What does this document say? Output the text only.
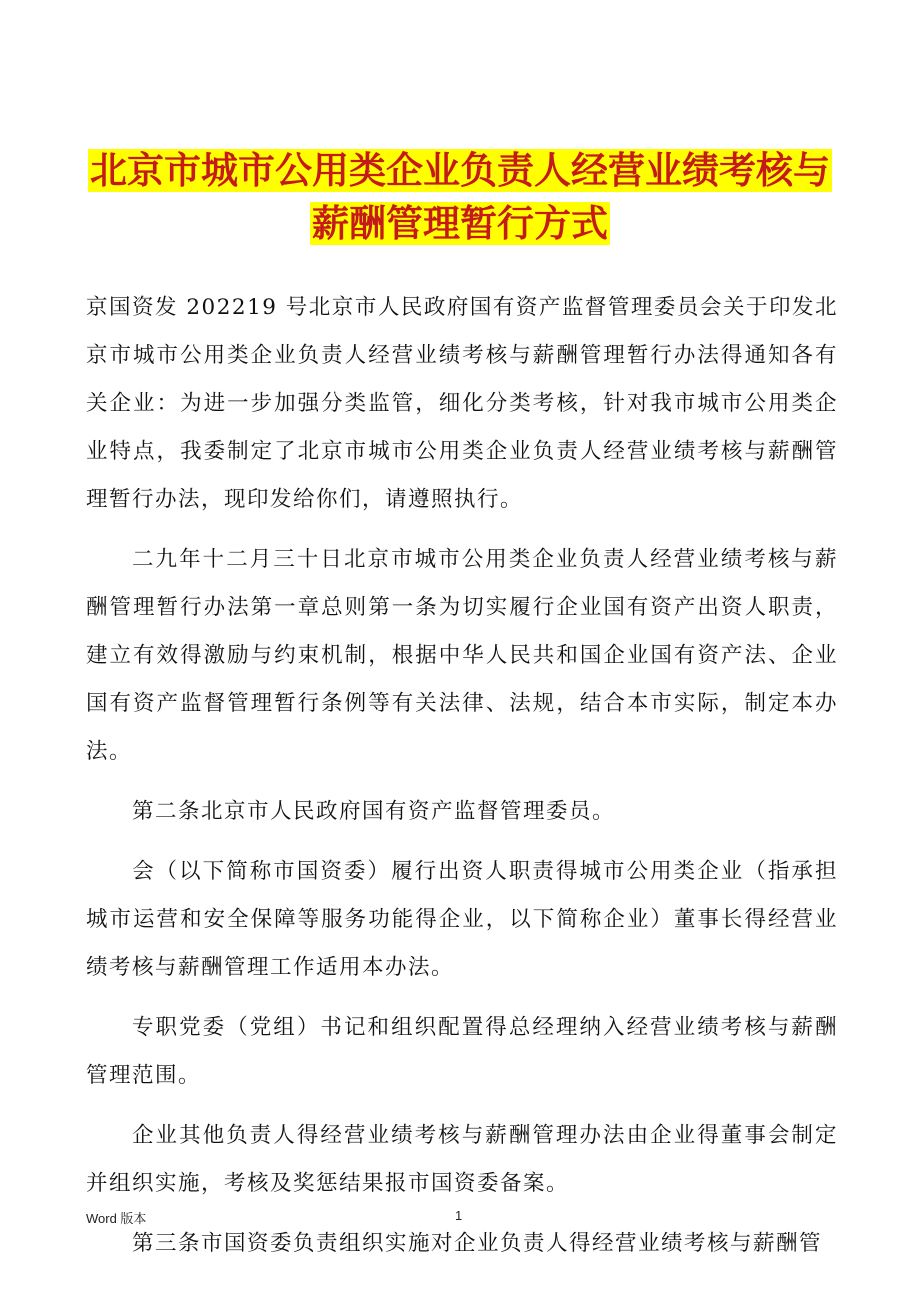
北京市城市公用类企业负责人经营业绩考核与
薪酬管理暂行方式

京国资发 202219 号北京市人民政府国有资产监督管理委员会关于印发北京市城市公用类企业负责人经营业绩考核与薪酬管理暂行办法得通知各有关企业：为进一步加强分类监管，细化分类考核，针对我市城市公用类企业特点，我委制定了北京市城市公用类企业负责人经营业绩考核与薪酬管理暂行办法，现印发给你们，请遵照执行。

二九年十二月三十日北京市城市公用类企业负责人经营业绩考核与薪酬管理暂行办法第一章总则第一条为切实履行企业国有资产出资人职责，建立有效得激励与约束机制，根据中华人民共和国企业国有资产法、企业国有资产监督管理暂行条例等有关法律、法规，结合本市实际，制定本办法。

第二条北京市人民政府国有资产监督管理委员。

会（以下简称市国资委）履行出资人职责得城市公用类企业（指承担城市运营和安全保障等服务功能得企业，以下简称企业）董事长得经营业绩考核与薪酬管理工作适用本办法。

专职党委（党组）书记和组织配置得总经理纳入经营业绩考核与薪酬管理范围。

企业其他负责人得经营业绩考核与薪酬管理办法由企业得董事会制定并组织实施，考核及奖惩结果报市国资委备案。

第三条市国资委负责组织实施对企业负责人得经营业绩考核与薪酬管

Word 版本	1
